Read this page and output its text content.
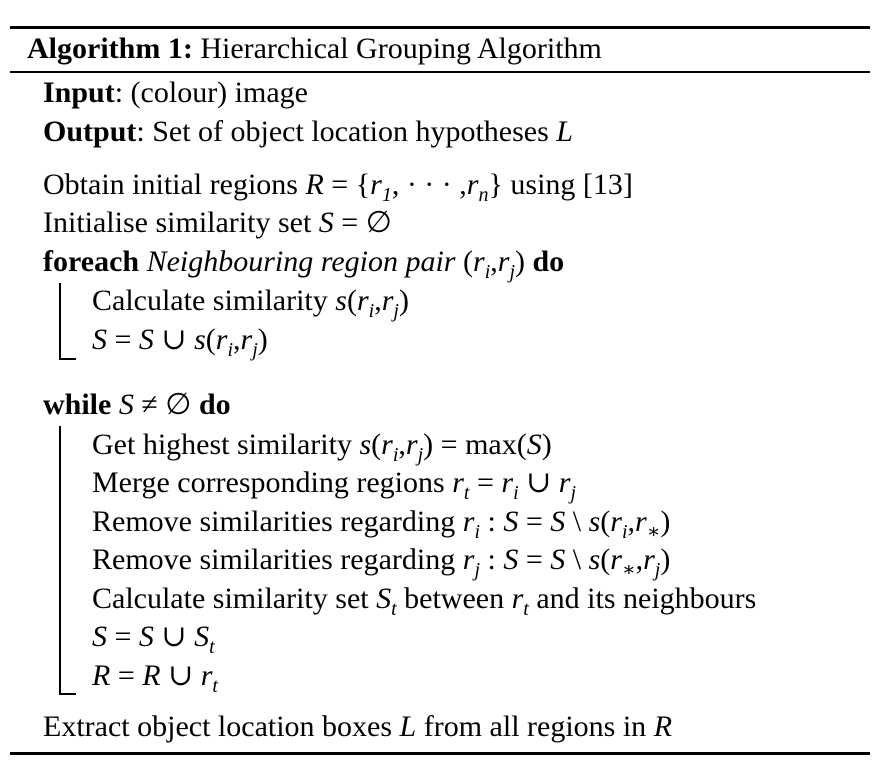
Algorithm 1: Hierarchical Grouping Algorithm
Input: (colour) image
Output: Set of object location hypotheses L
Obtain initial regions $R = \{r_1$, · · · $,r_n$} using [13]
Initialise similarity set S = ∅
foreach Neighbouring region pair $(r_i,r_j)$ do
Calculate similarity $s(r_i,r_j)$
S = S ∪ $s(r_i,r_j)$
while S ≠ ∅ do
Get highest similarity $s(r_i,r_j) = \max(S)$
Merge corresponding regions $r_t = r_i$ ∪ $r_j$
Remove similarities regarding $r_i$ : S = S \ $s(r_i,r_∗)$
Remove similarities regarding $r_j$ : S = S \ $s(r_∗,r_j)$
Calculate similarity set $S_t$ between $r_t$ and its neighbours
S = S ∪ $S_t$
R = R ∪ $r_t$
Extract object location boxes L from all regions in R
